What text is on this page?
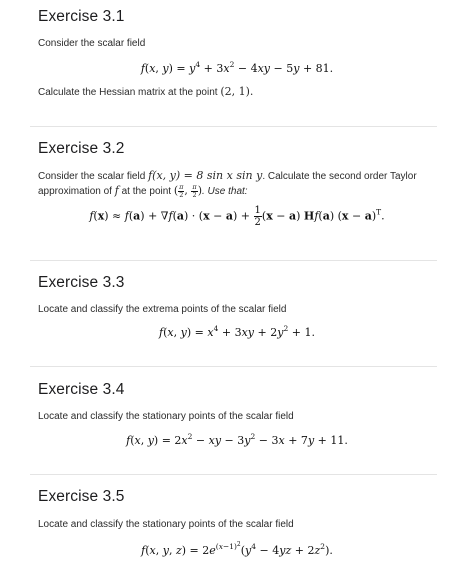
Exercise 3.1
Consider the scalar field
f(x, $y) = y^4 + 3x^2 - 4xy - 5y + 81$.
Calculate the Hessian matrix at the point (2, 1).
Exercise 3.2
Consider the scalar field f(x, y) = 8 sin x sin y. Calculate the second order Taylor
approximation of f at the point ( $\frac{\pi}{2}$ , $\frac{\pi}{2}$ ). Use that:
$f(x) \approx f(a) + \nabla f(a) \cdot (x - a) + \frac{1}{2} (x - a)$ Hf(a) $(x - a)^T$.
Exercise 3.3
Locate and classify the extrema points of the scalar field
f(x, $y) = x^4 + 3xy + 2y^2 + 1$.
Exercise 3.4
Locate and classify the stationary points of the scalar field
f(x, $y) = 2x^2$ − xy − $3y^2 - 3x + 7y + 11$.
Exercise 3.5
Locate and classify the stationary points of the scalar field
f(x, y, $z) = 2e^{(x-1)^2}(y^4 - 4yz + 2z^2)$.
